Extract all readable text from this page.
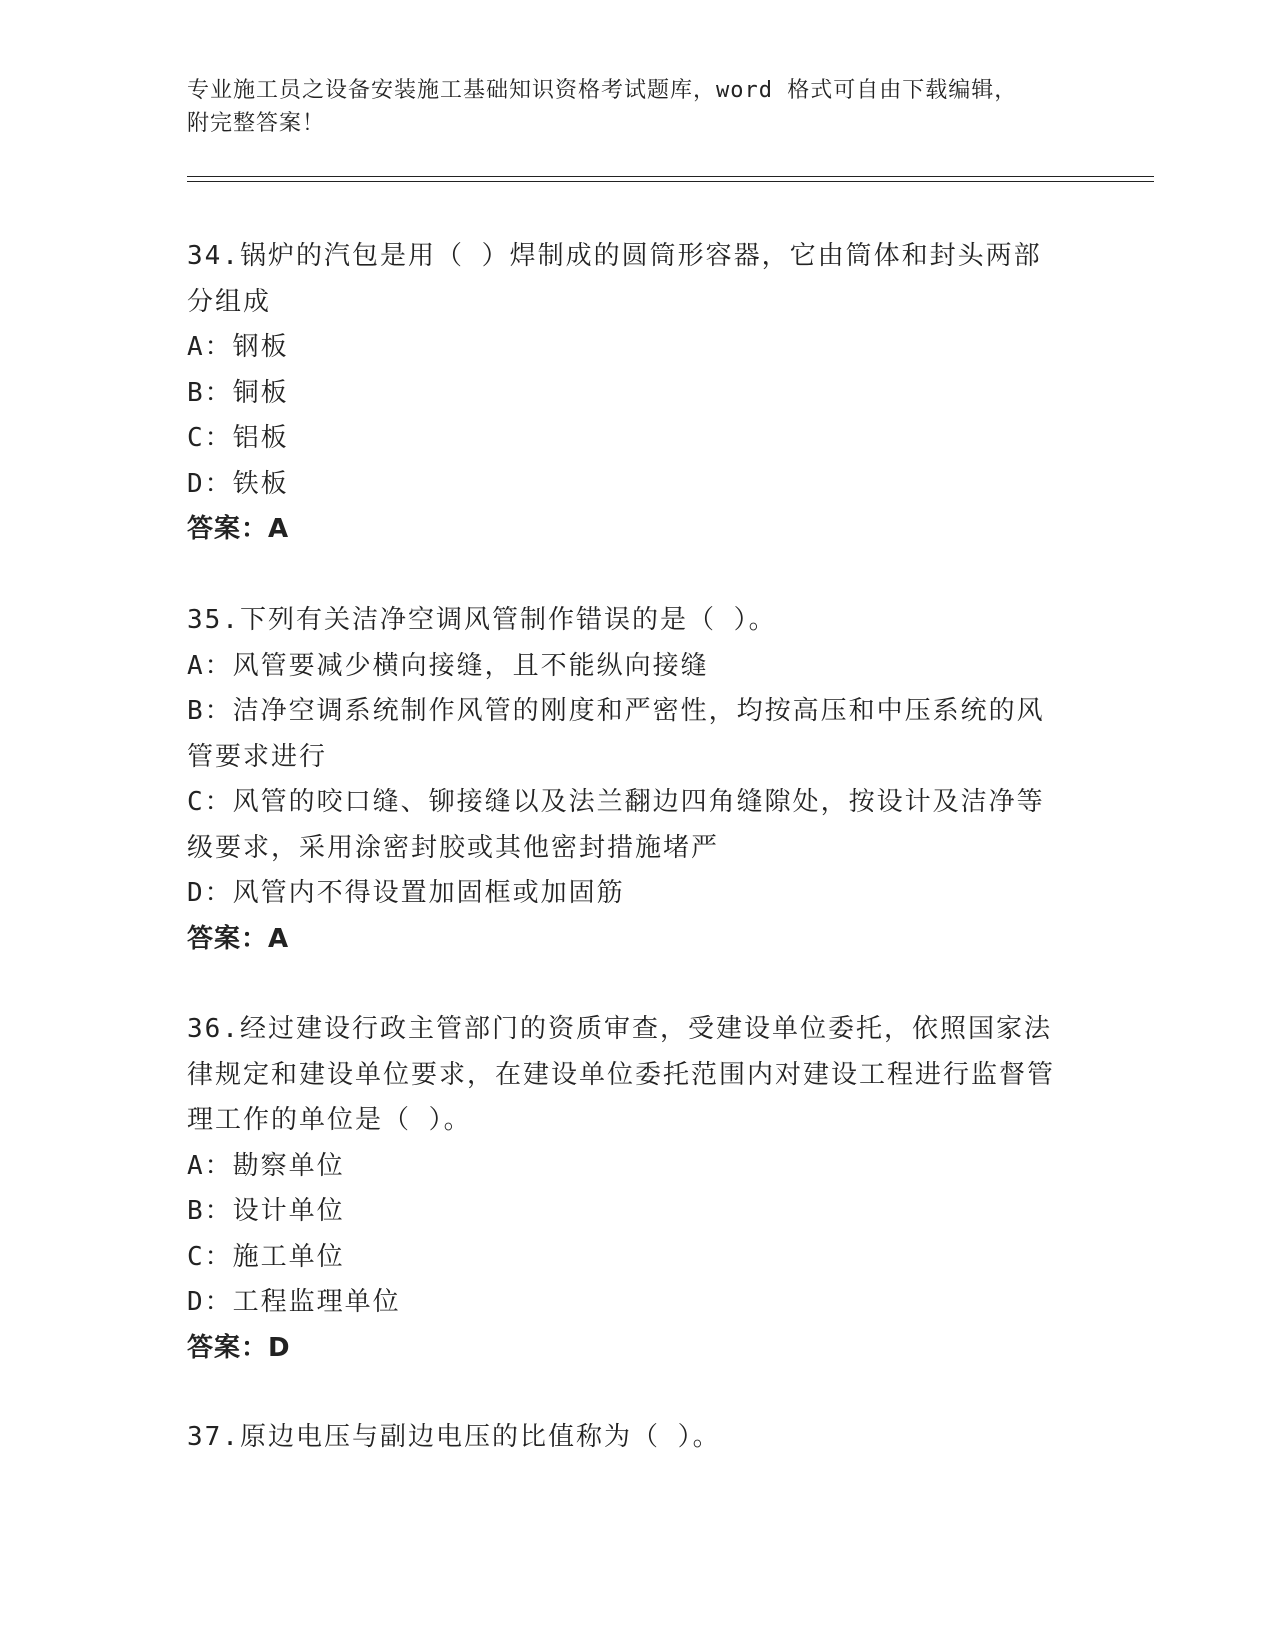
专业施工员之设备安装施工基础知识资格考试题库，word 格式可自由下载编辑，
附完整答案！
34.锅炉的汽包是用（ ）焊制成的圆筒形容器，它由筒体和封头两部分组成
A：钢板
B：铜板
C：铝板
D：铁板
答案：A
35.下列有关洁净空调风管制作错误的是（ ）。
A：风管要减少横向接缝，且不能纵向接缝
B：洁净空调系统制作风管的刚度和严密性，均按高压和中压系统的风管要求进行
C：风管的咬口缝、铆接缝以及法兰翻边四角缝隙处，按设计及洁净等级要求，采用涂密封胶或其他密封措施堵严
D：风管内不得设置加固框或加固筋
答案：A
36.经过建设行政主管部门的资质审查，受建设单位委托，依照国家法律规定和建设单位要求，在建设单位委托范围内对建设工程进行监督管理工作的单位是（ ）。
A：勘察单位
B：设计单位
C：施工单位
D：工程监理单位
答案：D
37.原边电压与副边电压的比值称为（ ）。
